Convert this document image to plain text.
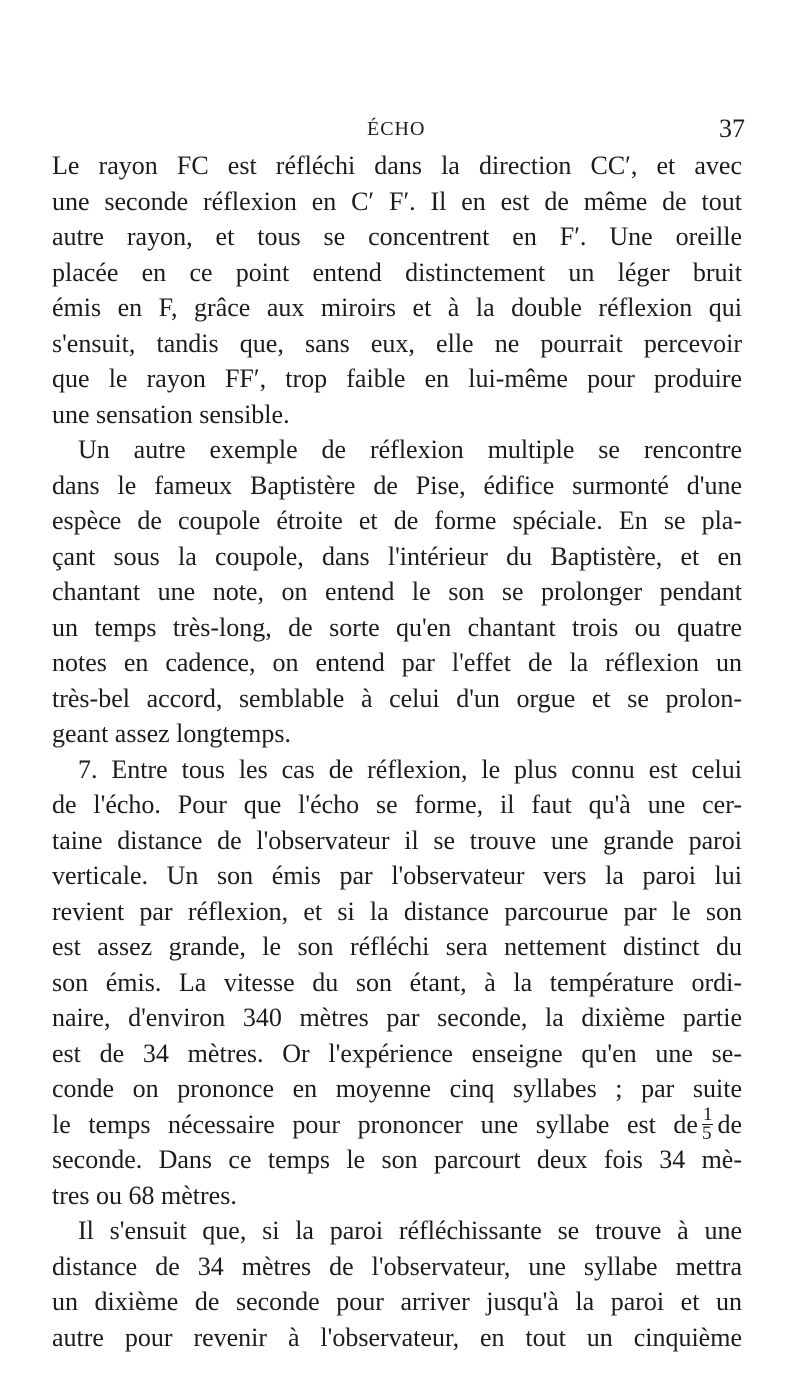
ÉCHO	37
Le rayon FC est réfléchi dans la direction CC′, et avec
une seconde réflexion en C′ F′. Il en est de même de tout
autre rayon, et tous se concentrent en F′. Une oreille
placée en ce point entend distinctement un léger bruit
émis en F, grâce aux miroirs et à la double réflexion qui
s'ensuit, tandis que, sans eux, elle ne pourrait percevoir
que le rayon FF′, trop faible en lui-même pour produire
une sensation sensible.
Un autre exemple de réflexion multiple se rencontre
dans le fameux Baptistère de Pise, édifice surmonté d'une
espèce de coupole étroite et de forme spéciale. En se pla-
çant sous la coupole, dans l'intérieur du Baptistère, et en
chantant une note, on entend le son se prolonger pendant
un temps très-long, de sorte qu'en chantant trois ou quatre
notes en cadence, on entend par l'effet de la réflexion un
très-bel accord, semblable à celui d'un orgue et se prolon-
geant assez longtemps.
7. Entre tous les cas de réflexion, le plus connu est celui
de l'écho. Pour que l'écho se forme, il faut qu'à une cer-
taine distance de l'observateur il se trouve une grande paroi
verticale. Un son émis par l'observateur vers la paroi lui
revient par réflexion, et si la distance parcourue par le son
est assez grande, le son réfléchi sera nettement distinct du
son émis. La vitesse du son étant, à la température ordi-
naire, d'environ 340 mètres par seconde, la dixième partie
est de 34 mètres. Or l'expérience enseigne qu'en une se-
conde on prononce en moyenne cinq syllabes ; par suite
le temps nécessaire pour prononcer une syllabe est de $\frac{1}{5}$ de
seconde. Dans ce temps le son parcourt deux fois 34 mè-
tres ou 68 mètres.
Il s'ensuit que, si la paroi réfléchissante se trouve à une
distance de 34 mètres de l'observateur, une syllabe mettra
un dixième de seconde pour arriver jusqu'à la paroi et un
autre pour revenir à l'observateur, en tout un cinquième
